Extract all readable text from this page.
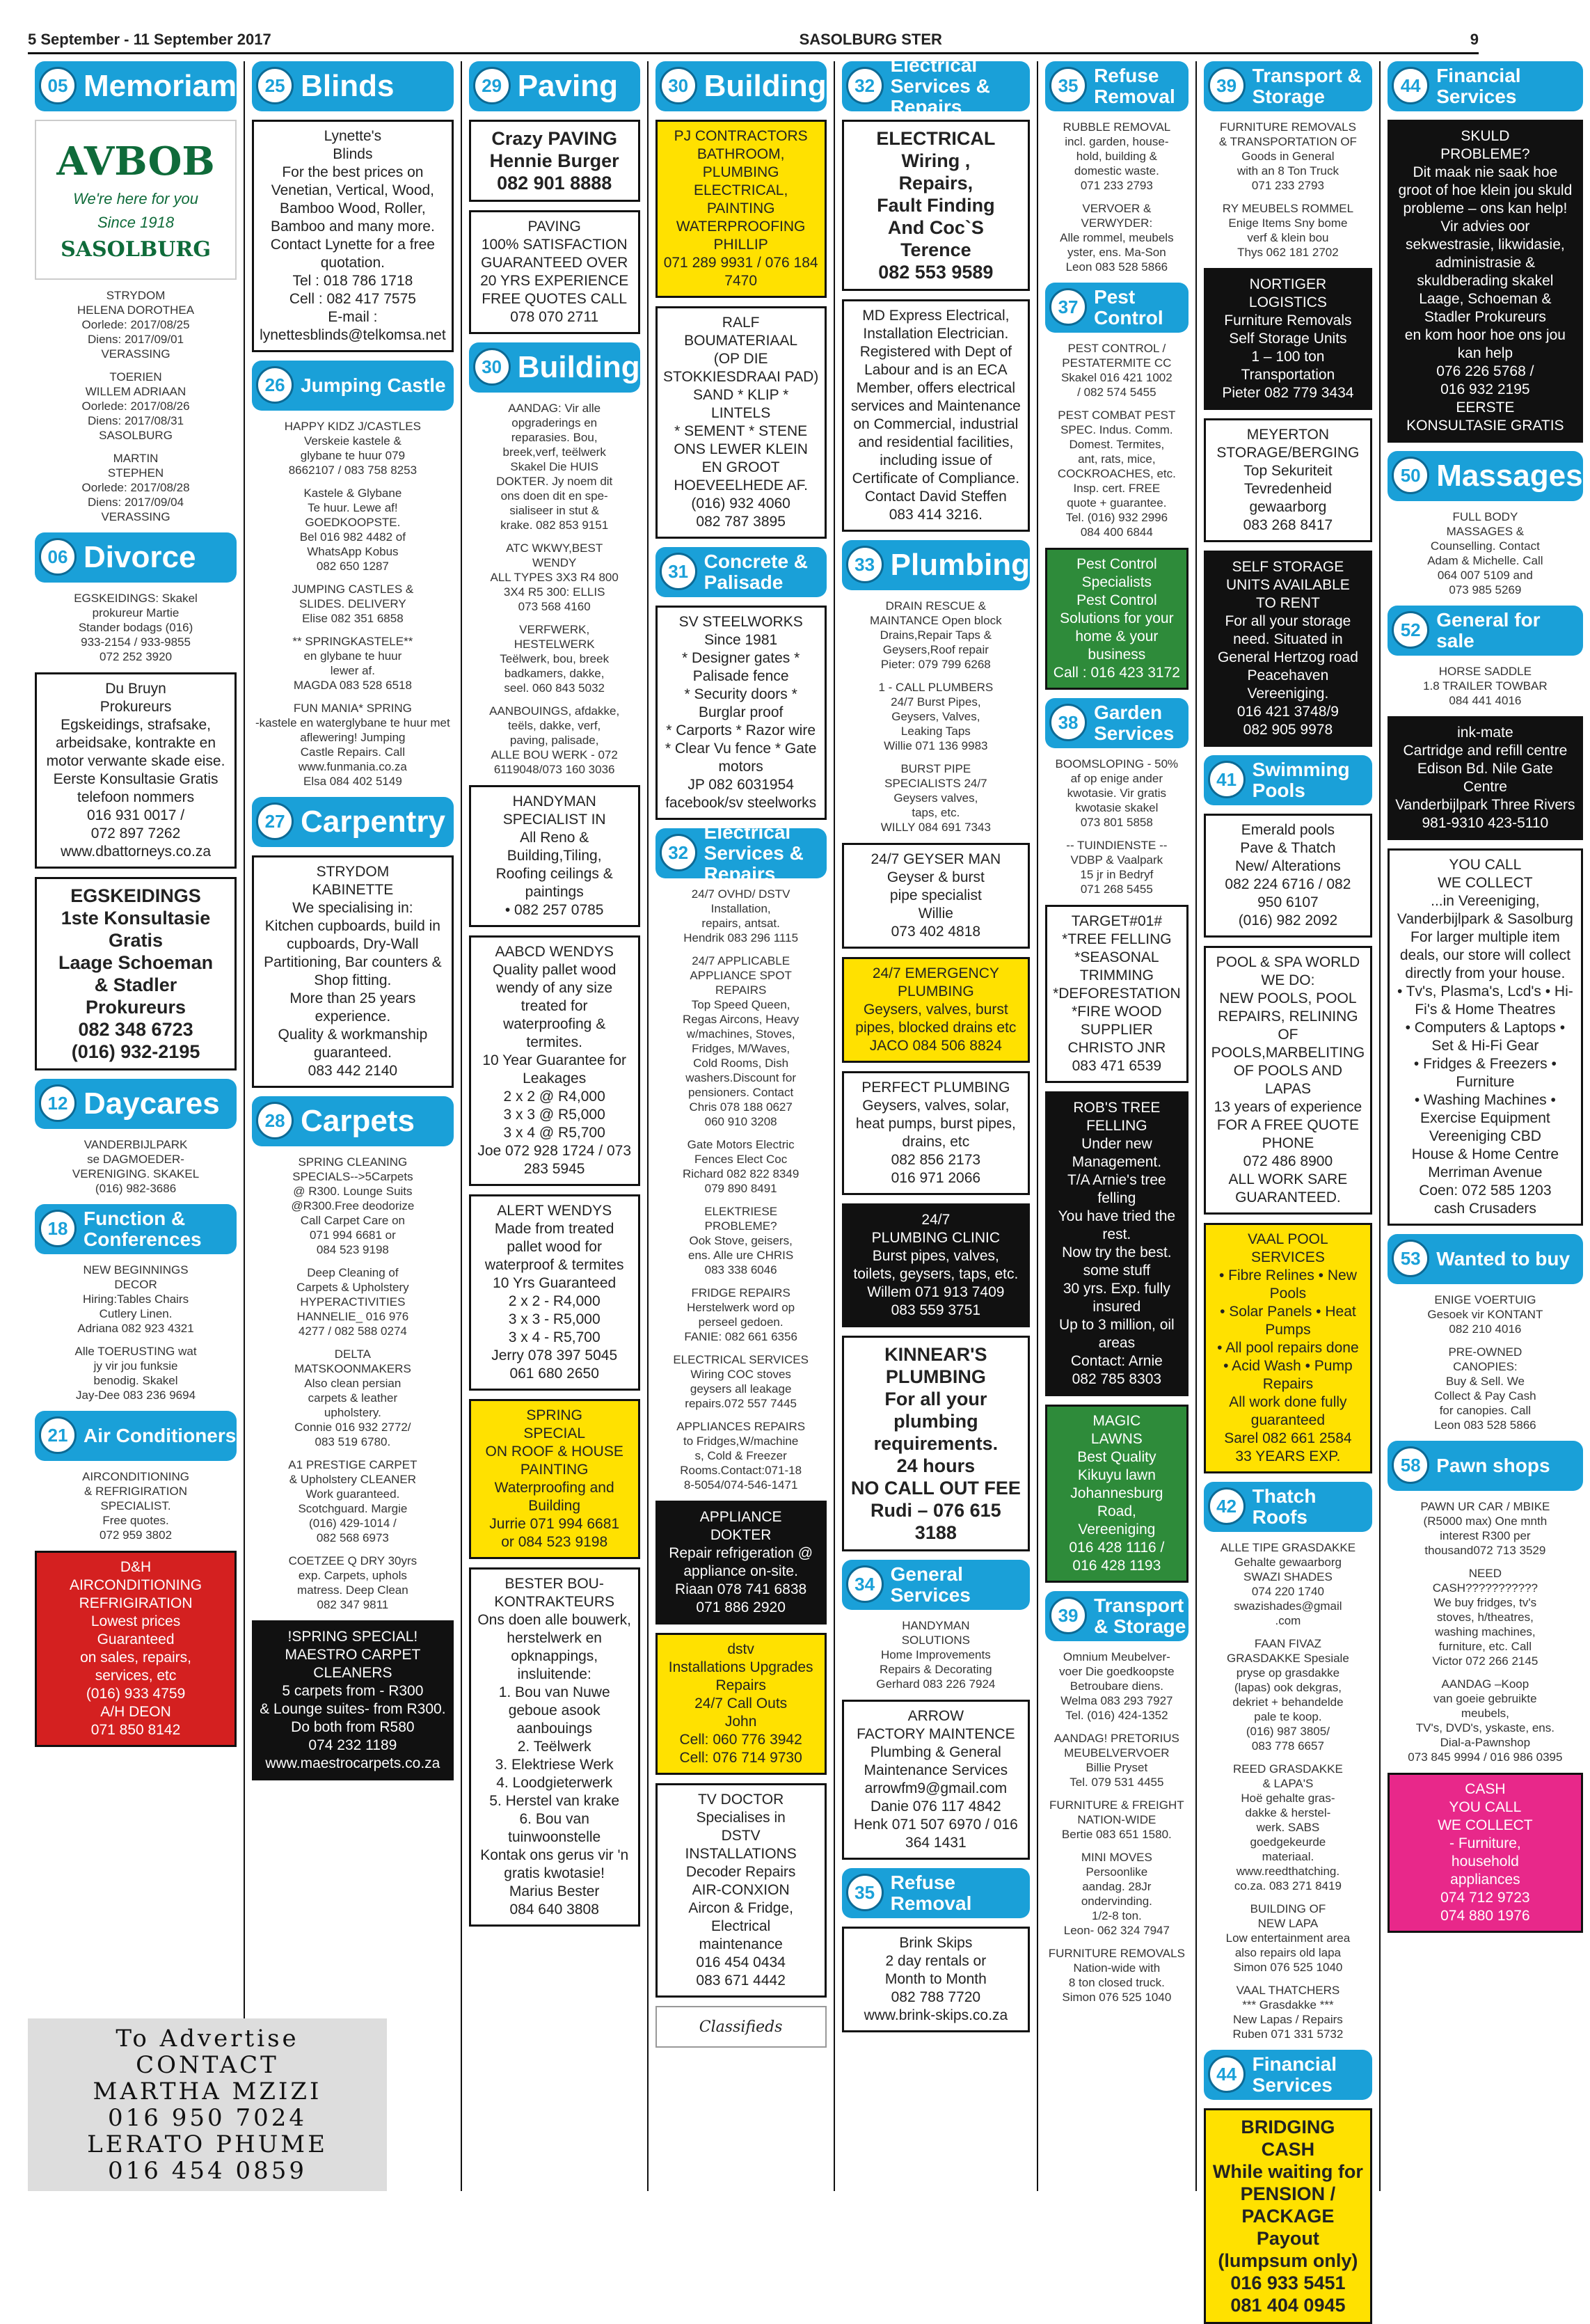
5 September - 11 September 2017	SASOLBURG STER	9
05 Memoriam
AVBOB
We're here for you
Since 1918
SASOLBURG
STRYDOM
HELENA DOROTHEA
Oorlede: 2017/08/25
Diens: 2017/09/01
VERASSING
TOERIEN
WILLEM ADRIAAN
Oorlede: 2017/08/26
Diens: 2017/08/31
SASOLBURG
MARTIN
STEPHEN
Oorlede: 2017/08/28
Diens: 2017/09/04
VERASSING
06 Divorce
EGSKEIDINGS: Skakel
prokureur Martie
Stander bodags (016)
933-2154 / 933-9855
072 252 3920
Du Bruyn
Prokureurs
Egskeidings, strafsake, arbeidsake, kontrakte en motor verwante skade eise.
Eerste Konsultasie Gratis
telefoon nommers
016 931 0017 /
072 897 7262
www.dbattorneys.co.za
EGSKEIDINGS
1ste Konsultasie
Gratis
Laage Schoeman
& Stadler
Prokureurs
082 348 6723
(016) 932-2195
12 Daycares
VANDERBIJLPARK
se DAGMOEDER-
VERENIGING. SKAKEL
(016) 982-3686
18 Function & Conferences
NEW BEGINNINGS
DECOR
Hiring:Tables Chairs
Cutlery Linen.
Adriana 082 923 4321
Alle TOERUSTING wat
jy vir jou funksie
benodig. Skakel
Jay-Dee 083 236 9694
21 Air Conditioners
AIRCONDITIONING
& REFRIGIRATION
SPECIALIST.
Free quotes.
072 959 3802
D&H
AIRCONDITIONING
REFRIGIRATION
Lowest prices
Guaranteed
on sales, repairs,
services, etc
(016) 933 4759
A/H DEON
071 850 8142
25 Blinds
Lynette's
Blinds
For the best prices on Venetian, Vertical, Wood, Bamboo Wood, Roller, Bamboo and many more.
Contact Lynette for a free quotation.
Tel : 018 786 1718
Cell : 082 417 7575
E-mail : lynettesblinds@telkomsa.net
26 Jumping Castle
HAPPY KIDZ J/CASTLES
Verskeie kastele &
glybane te huur 079
8662107 / 083 758 8253
Kastele & Glybane
Te huur. Lewe af!
GOEDKOOPSTE.
Bel 016 982 4482 of
WhatsApp Kobus
082 650 1287
JUMPING CASTLES &
SLIDES. DELIVERY
Elise 082 351 6858
** SPRINGKASTELE**
en glybane te huur
lewer af.
MAGDA 083 528 6518
FUN MANIA* SPRING
-kastele en waterglybane te huur met aflewering! Jumping
Castle Repairs. Call
www.funmania.co.za
Elsa 084 402 5149
27 Carpentry
STRYDOM
KABINETTE
We specialising in:
Kitchen cupboards, build in cupboards, Dry-Wall Partitioning, Bar counters & Shop fitting.
More than 25 years experience.
Quality & workmanship guaranteed.
083 442 2140
28 Carpets
SPRING CLEANING
SPECIALS-->5Carpets
@ R300. Lounge Suits
@R300.Free deodorize
Call Carpet Care on
071 994 6681 or
084 523 9198
Deep Cleaning of
Carpets & Upholstery
HYPERACTIVITIES
HANNELIE_ 016 976
4277 / 082 588 0274
DELTA
MATSKOONMAKERS
Also clean persian
carpets & leather
upholstery.
Connie 016 932 2772/
083 519 6780.
A1 PRESTIGE CARPET
& Upholstery CLEANER
Work guaranteed.
Scotchguard. Margie
(016) 429-1014 /
082 568 6973
COETZEE Q DRY 30yrs
exp. Carpets, uphols
matress. Deep Clean
082 347 9811
!SPRING SPECIAL!
MAESTRO CARPET
CLEANERS
5 carpets from - R300
& Lounge suites- from R300.
Do both from R580
074 232 1189
www.maestrocarpets.co.za
29 Paving
Crazy PAVING
Hennie Burger
082 901 8888
PAVING
100% SATISFACTION
GUARANTEED OVER
20 YRS EXPERIENCE
FREE QUOTES CALL
078 070 2711
30 Building
AANDAG: Vir alle
opgraderings en
reparasies. Bou,
breek,verf, teëlwerk
Skakel Die HUIS
DOKTER. Jy noem dit
ons doen dit en spe-
sialiseer in stut &
krake. 082 853 9151
ATC WKWY,BEST
WENDY
ALL TYPES 3X3 R4 800
3X4 R5 300: ELLIS
073 568 4160
VERFWERK,
HESTELWERK
Teëlwerk, bou, breek
badkamers, dakke,
seel. 060 843 5032
AANBOUINGS, afdakke,
teëls, dakke, verf,
paving, palisade,
ALLE BOU WERK - 072
6119048/073 160 3036
HANDYMAN
SPECIALIST IN
All Reno & Building,Tiling,
Roofing ceilings & paintings
• 082 257 0785
AABCD WENDYS
Quality pallet wood wendy of any size treated for waterproofing & termites.
10 Year Guarantee for Leakages
2 x 2 @ R4,000
3 x 3 @ R5,000
3 x 4 @ R5,700
Joe 072 928 1724 / 073 283 5945
ALERT WENDYS
Made from treated pallet wood for waterproof & termites
10 Yrs Guaranteed
2 x 2 - R4,000
3 x 3 - R5,000
3 x 4 - R5,700
Jerry 078 397 5045
061 680 2650
SPRING
SPECIAL
ON ROOF & HOUSE
PAINTING
Waterproofing and Building
Jurrie 071 994 6681
or 084 523 9198
BESTER BOU-
KONTRAKTEURS
Ons doen alle bouwerk, herstelwerk en opknappings, insluitende:
1. Bou van Nuwe geboue asook aanbouings
2. Teëlwerk
3. Elektriese Werk
4. Loodgieterwerk
5. Herstel van krake
6. Bou van tuinwoonstelle
Kontak ons gerus vir 'n gratis kwotasie!
Marius Bester
084 640 3808
30 Building
PJ CONTRACTORS
BATHROOM, PLUMBING
ELECTRICAL, PAINTING
WATERPROOFING
PHILLIP
071 289 9931 / 076 184 7470
RALF
BOUMATERIAAL
(OP DIE
STOKKIESDRAAI PAD)
SAND * KLIP * LINTELS
* SEMENT * STENE
ONS LEWER KLEIN
EN GROOT
HOEVEELHEDE AF.
(016) 932 4060
082 787 3895
31 Concrete & Palisade
SV STEELWORKS
Since 1981
* Designer gates * Palisade fence
* Security doors * Burglar proof
* Carports * Razor wire
* Clear Vu fence * Gate motors
JP 082 6031954
facebook/sv steelworks
32
Electrical Services & Repairs
24/7 OVHD/ DSTV
Installation,
repairs, antsat.
Hendrik 083 296 1115
24/7 APPLICABLE
APPLIANCE SPOT
REPAIRS
Top Speed Queen,
Regas Aircons, Heavy
w/machines, Stoves,
Fridges, M/Waves,
Cold Rooms, Dish
washers.Discount for
pensioners. Contact
Chris 078 188 0627
060 910 3208
Gate Motors Electric
Fences Elect Coc
Richard 082 822 8349
079 890 8491
ELEKTRIESE
PROBLEME?
Ook Stove, geisers,
ens. Alle ure CHRIS
083 338 6046
FRIDGE REPAIRS
Herstelwerk word op
perseel gedoen.
FANIE: 082 661 6356
ELECTRICAL SERVICES
Wiring COC stoves
geysers all leakage
repairs.072 557 7445
APPLIANCES REPAIRS
to Fridges,W/machine
s, Cold & Freezer
Rooms.Contact:071-18
8-5054/074-546-1471
APPLIANCE
DOKTER
Repair refrigeration @ appliance on-site.
Riaan 078 741 6838
071 886 2920
dstv
Installations Upgrades Repairs
24/7 Call Outs
John
Cell: 060 776 3942
Cell: 076 714 9730
TV DOCTOR
Specialises in
DSTV
INSTALLATIONS
Decoder Repairs
AIR-CONXION
Aircon & Fridge,
Electrical
maintenance
016 454 0434
083 671 4442
Classifieds
32
Electrical Services & Repairs
ELECTRICAL
Wiring ,
Repairs,
Fault Finding
And Coc`S
Terence
082 553 9589
MD Express Electrical, Installation Electrician. Registered with Dept of Labour and is an ECA Member, offers electrical services and Maintenance on Commercial, industrial and residential facilities, including issue of Certificate of Compliance.
Contact David Steffen
083 414 3216.
33 Plumbing
DRAIN RESCUE &
MAINTANCE Open block
Drains,Repair Taps &
Geysers,Roof repair
Pieter: 079 799 6268
1 - CALL PLUMBERS
24/7 Burst Pipes,
Geysers, Valves,
Leaking Taps
Willie 071 136 9983
BURST PIPE
SPECIALISTS 24/7
Geysers valves,
taps, etc.
WILLY 084 691 7343
24/7 GEYSER MAN
Geyser & burst
pipe specialist
Willie
073 402 4818
24/7 EMERGENCY
PLUMBING
Geysers, valves, burst pipes, blocked drains etc
JACO 084 506 8824
PERFECT PLUMBING
Geysers, valves, solar, heat pumps, burst pipes, drains, etc
082 856 2173
016 971 2066
24/7
PLUMBING CLINIC
Burst pipes, valves, toilets, geysers, taps, etc.
Willem 071 913 7409
083 559 3751
KINNEAR'S
PLUMBING
For all your plumbing requirements.
24 hours
NO CALL OUT FEE
Rudi – 076 615 3188
34 General Services
HANDYMAN
SOLUTIONS
Home Improvements
Repairs & Decorating
Gerhard 083 226 7924
ARROW
FACTORY MAINTENCE
Plumbing & General
Maintenance Services
arrowfm9@gmail.com
Danie 076 117 4842
Henk 071 507 6970 / 016 364 1431
35 Refuse Removal
Brink Skips
2 day rentals or
Month to Month
082 788 7720
www.brink-skips.co.za
35 Refuse Removal
RUBBLE REMOVAL
incl. garden, house-
hold, building &
domestic waste.
071 233 2793
VERVOER &
VERWYDER:
Alle rommel, meubels
yster, ens. Ma-Son
Leon 083 528 5866
37 Pest Control
PEST CONTROL /
PESTATERMITE CC
Skakel 016 421 1002
/ 082 574 5455
PEST COMBAT PEST
SPEC. Indus. Comm.
Domest. Termites,
ant, rats, mice,
COCKROACHES, etc.
Insp. cert. FREE
quote + guarantee.
Tel. (016) 932 2996
084 400 6844
Pest Control
Specialists
Pest Control Solutions for your home & your business
Call : 016 423 3172
38 Garden Services
BOOMSLOPING - 50%
af op enige ander
kwotasie. Vir gratis
kwotasie skakel
073 801 5858
-- TUINDIENSTE --
VDBP & Vaalpark
15 jr in Bedryf
071 268 5455
TARGET#01#
*TREE FELLING
*SEASONAL TRIMMING
*DEFORESTATION
*FIRE WOOD SUPPLIER
CHRISTO JNR
083 471 6539
ROB'S TREE FELLING
Under new Management.
T/A Arnie's tree felling
You have tried the rest.
Now try the best.
some stuff
30 yrs. Exp. fully insured
Up to 3 million, oil areas
Contact: Arnie
082 785 8303
MAGIC
LAWNS
Best Quality
Kikuyu lawn
Johannesburg Road,
Vereeniging
016 428 1116 /
016 428 1193
39 Transport & Storage
Omnium Meubelver-
voer Die goedkoopste
Betroubare diens.
Welma 083 293 7927
Tel. (016) 424-1352
AANDAG! PRETORIUS
MEUBELVERVOER
Billie Pryset
Tel. 079 531 4455
FURNITURE & FREIGHT
NATION-WIDE
Bertie 083 651 1580.
MINI MOVES
Persoonlike
aandag. 28Jr
ondervinding.
1/2-8 ton.
Leon- 062 324 7947
FURNITURE REMOVALS
Nation-wide with
8 ton closed truck.
Simon 076 525 1040
39 Transport & Storage
FURNITURE REMOVALS
& TRANSPORTATION OF
Goods in General
with an 8 Ton Truck
071 233 2793
RY MEUBELS ROMMEL
Enige Items Sny bome
verf & klein bou
Thys 062 181 2702
NORTIGER LOGISTICS
Furniture Removals
Self Storage Units
1 – 100 ton Transportation
Pieter 082 779 3434
MEYERTON
STORAGE/BERGING
Top Sekuriteit
Tevredenheid gewaarborg
083 268 8417
SELF STORAGE
UNITS AVAILABLE
TO RENT
For all your storage need. Situated in General Hertzog road Peacehaven Vereeniging.
016 421 3748/9
082 905 9978
41 Swimming Pools
Emerald pools
Pave & Thatch
New/ Alterations
082 224 6716 / 082 950 6107
(016) 982 2092
POOL & SPA WORLD
WE DO:
NEW POOLS, POOL REPAIRS, RELINING OF POOLS,MARBELITING OF POOLS AND LAPAS
13 years of experience
FOR A FREE QUOTE PHONE
072 486 8900
ALL WORK SARE GUARANTEED.
VAAL POOL
SERVICES
• Fibre Relines • New Pools
• Solar Panels • Heat Pumps
• All pool repairs done
• Acid Wash • Pump Repairs
All work done fully guaranteed
Sarel 082 661 2584
33 YEARS EXP.
42 Thatch Roofs
ALLE TIPE GRASDAKKE
Gehalte gewaarborg
SWAZI SHADES
074 220 1740
swazishades@gmail
.com
FAAN FIVAZ
GRASDAKKE Spesiale
pryse op grasdakke
(lapas) ook dekgras,
dekriet + behandelde
pale te koop.
(016) 987 3805/
083 778 6657
REED GRASDAKKE
& LAPA'S
Hoë gehalte gras-
dakke & herstel-
werk. SABS
goedgekeurde
materiaal.
www.reedthatching.
co.za. 083 271 8419
BUILDING OF
NEW LAPA
Low entertainment area
also repairs old lapa
Simon 076 525 1040
VAAL THATCHERS
*** Grasdakke ***
New Lapas / Repairs
Ruben 071 331 5732
44 Financial Services
BRIDGING
CASH
While waiting for
PENSION / PACKAGE
Payout
(lumpsum only)
016 933 5451
081 404 0945
44 Financial Services
SKULD
PROBLEME?
Dit maak nie saak hoe groot of hoe klein jou skuld probleme – ons kan help!
Vir advies oor sekwestrasie, likwidasie, administrasie & skuldberading skakel
Laage, Schoeman & Stadler Prokureurs
en kom hoor hoe ons jou kan help
076 226 5768 /
016 932 2195
EERSTE
KONSULTASIE GRATIS
50 Massages
FULL BODY
MASSAGES &
Counselling. Contact
Adam & Michelle. Call
064 007 5109 and
073 985 5269
52 General for sale
HORSE SADDLE
1.8 TRAILER TOWBAR
084 441 4016
ink-mate
Cartridge and refill centre
Edison Bd. Nile Gate Centre
Vanderbijlpark Three Rivers
981-9310 423-5110
YOU CALL
WE COLLECT
...in Vereeniging, Vanderbijlpark & Sasolburg
For larger multiple item deals, our store will collect directly from your house.
• Tv's, Plasma's, Lcd's • Hi-Fi's & Home Theatres
• Computers & Laptops • Set & Hi-Fi Gear
• Fridges & Freezers • Furniture
• Washing Machines • Exercise Equipment
Vereeniging CBD
House & Home Centre
Merriman Avenue
Coen: 072 585 1203
cash Crusaders
53 Wanted to buy
ENIGE VOERTUIG
Gesoek vir KONTANT
082 210 4016
PRE-OWNED
CANOPIES:
Buy & Sell. We
Collect & Pay Cash
for canopies. Call
Leon 083 528 5866
58 Pawn shops
PAWN UR CAR / MBIKE
(R5000 max) One mnth
interest R300 per
thousand072 713 3529
NEED
CASH???????????
We buy fridges, tv's
stoves, h/theatres,
washing machines,
furniture, etc. Call
Victor 072 266 2145
AANDAG –Koop
van goeie gebruikte
meubels,
TV's, DVD's, yskaste, ens.
Dial-a-Pawnshop
073 845 9994 / 016 986 0395
CASH
YOU CALL
WE COLLECT
- Furniture,
household
appliances
074 712 9723
074 880 1976
To Advertise
CONTACT
MARTHA MZIZI
016 950 7024
LERATO PHUME
016 454 0859
